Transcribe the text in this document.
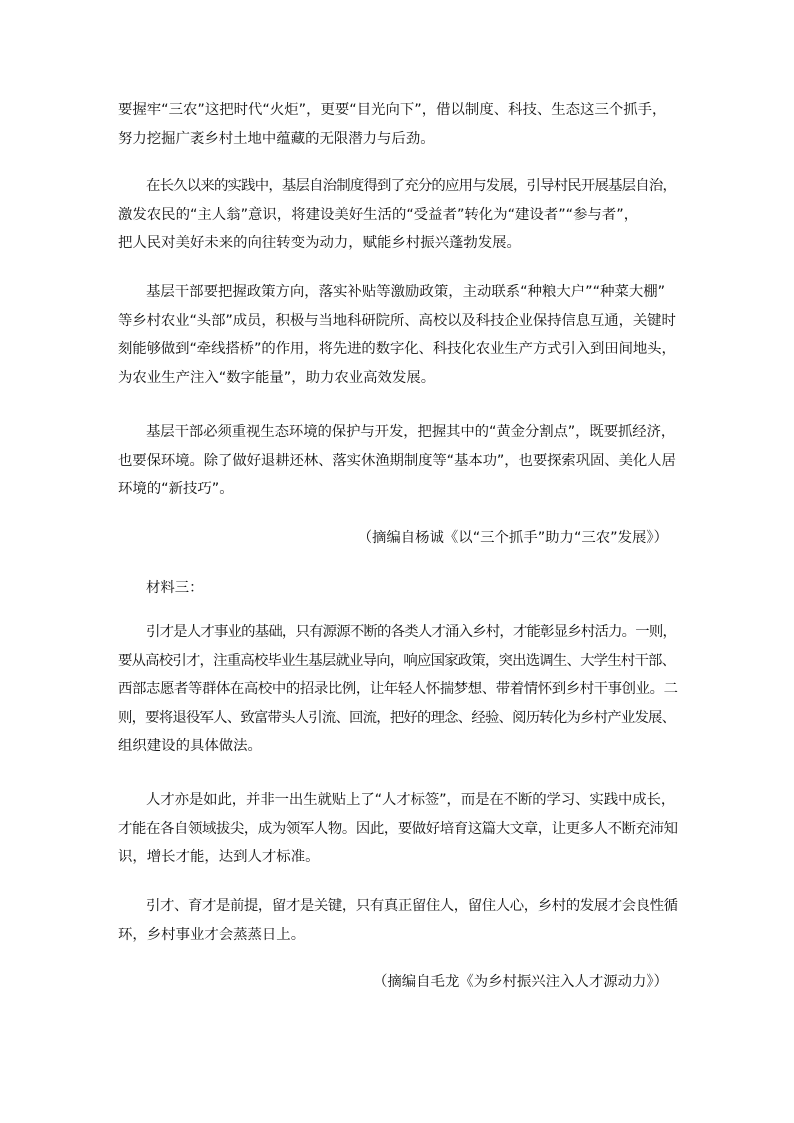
要握牢“三农”这把时代“火炬”，更要“目光向下”，借以制度、科技、生态这三个抓手，
努力挖掘广袤乡村土地中蕴藏的无限潜力与后劲。

在长久以来的实践中，基层自治制度得到了充分的应用与发展，引导村民开展基层自治，
激发农民的“主人翁”意识，将建设美好生活的“受益者”转化为“建设者”“参与者”，
把人民对美好未来的向往转变为动力，赋能乡村振兴蓬勃发展。

基层干部要把握政策方向，落实补贴等激励政策，主动联系“种粮大户”“种菜大棚”
等乡村农业“头部”成员，积极与当地科研院所、高校以及科技企业保持信息互通，关键时
刻能够做到“牵线搭桥”的作用，将先进的数字化、科技化农业生产方式引入到田间地头，
为农业生产注入“数字能量”，助力农业高效发展。

基层干部必须重视生态环境的保护与开发，把握其中的“黄金分割点”，既要抓经济，
也要保环境。除了做好退耕还林、落实休渔期制度等“基本功”，也要探索巩固、美化人居
环境的“新技巧”。

（摘编自杨诚《以“三个抓手”助力“三农”发展》）

材料三：

引才是人才事业的基础，只有源源不断的各类人才涌入乡村，才能彰显乡村活力。一则，
要从高校引才，注重高校毕业生基层就业导向，响应国家政策，突出选调生、大学生村干部、
西部志愿者等群体在高校中的招录比例，让年轻人怀揣梦想、带着情怀到乡村干事创业。二
则，要将退役军人、致富带头人引流、回流，把好的理念、经验、阅历转化为乡村产业发展、
组织建设的具体做法。

人才亦是如此，并非一出生就贴上了“人才标签”，而是在不断的学习、实践中成长，
才能在各自领域拔尖，成为领军人物。因此，要做好培育这篇大文章，让更多人不断充沛知
识，增长才能，达到人才标准。

引才、育才是前提，留才是关键，只有真正留住人，留住人心，乡村的发展才会良性循
环，乡村事业才会蒸蒸日上。

（摘编自毛龙《为乡村振兴注入人才源动力》）
